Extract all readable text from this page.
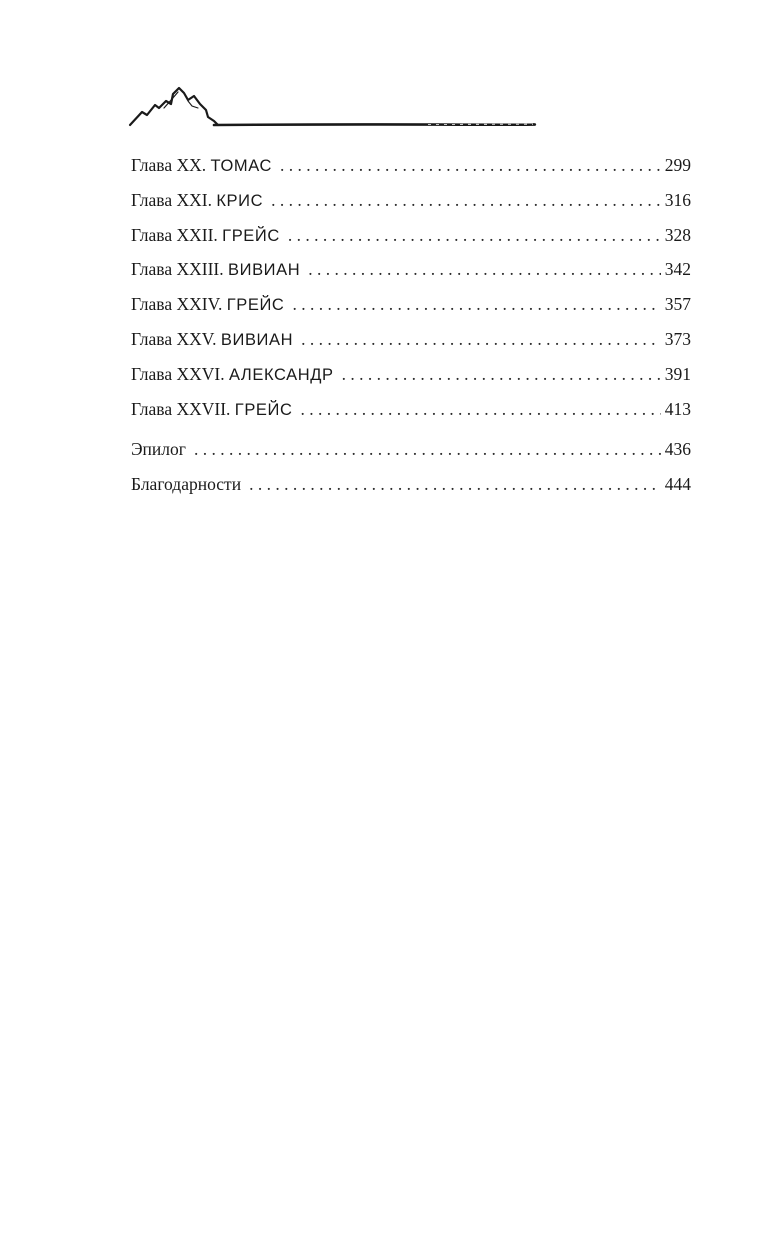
Глава XX. ТОМАС . . .	299
Глава XXI. КРИС . . .	316
Глава XXII. ГРЕЙС . . .	328
Глава XXIII. ВИВИАН . . .	342
Глава XXIV. ГРЕЙС . . .	357
Глава XXV. ВИВИАН . . .	373
Глава XXVI. АЛЕКСАНДР . . .	391
Глава XXVII. ГРЕЙС . . .	413
Эпилог . . .	436
Благодарности . . .	444
